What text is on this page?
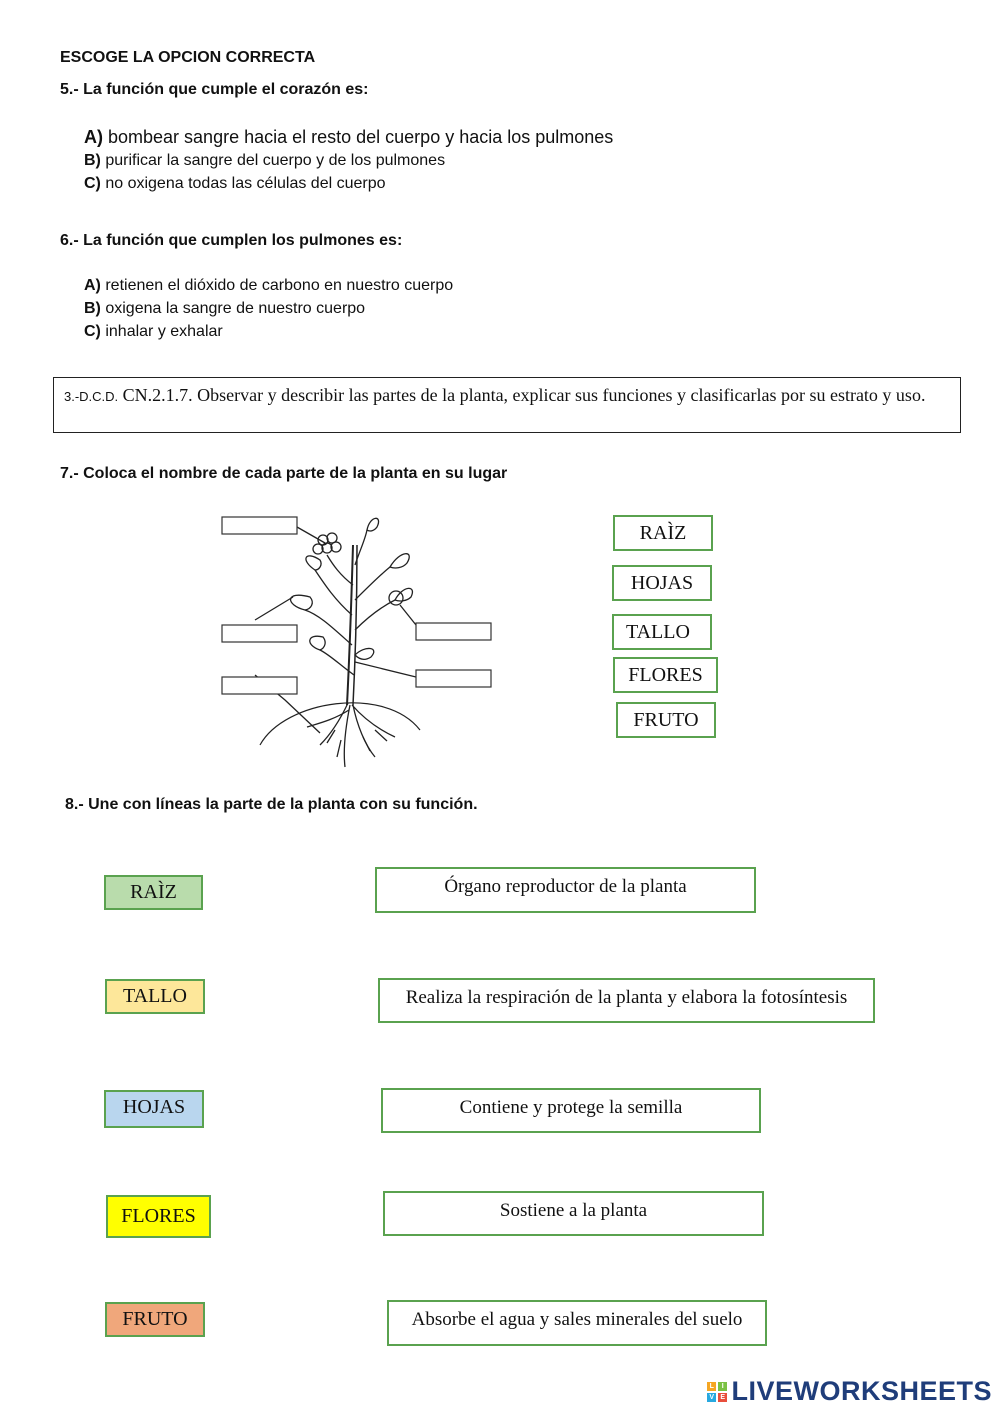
ESCOGE LA OPCION CORRECTA
5.- La función que cumple el corazón es:
A) bombear sangre hacia el resto del cuerpo y hacia los pulmones
B) purificar la sangre del cuerpo y de los pulmones
C) no oxigena todas las células del cuerpo
6.- La función que cumplen los pulmones es:
A) retienen el dióxido de carbono en nuestro cuerpo
B) oxigena la sangre de nuestro cuerpo
C) inhalar y exhalar
3.-D.C.D. CN.2.1.7. Observar y describir las partes de la planta, explicar sus funciones y clasificarlas por su estrato y uso.
7.- Coloca el nombre de cada parte de la planta en su lugar
RAÌZ
HOJAS
TALLO
FLORES
FRUTO
8.- Une con líneas la parte de la planta con su función.
RAÌZ
TALLO
HOJAS
FLORES
FRUTO
Órgano reproductor de la planta
Realiza la respiración de la planta y elabora la fotosíntesis
Contiene y protege la semilla
Sostiene a la planta
Absorbe el agua y sales minerales del suelo
L	I
V E LIVEWORKSHEETS
